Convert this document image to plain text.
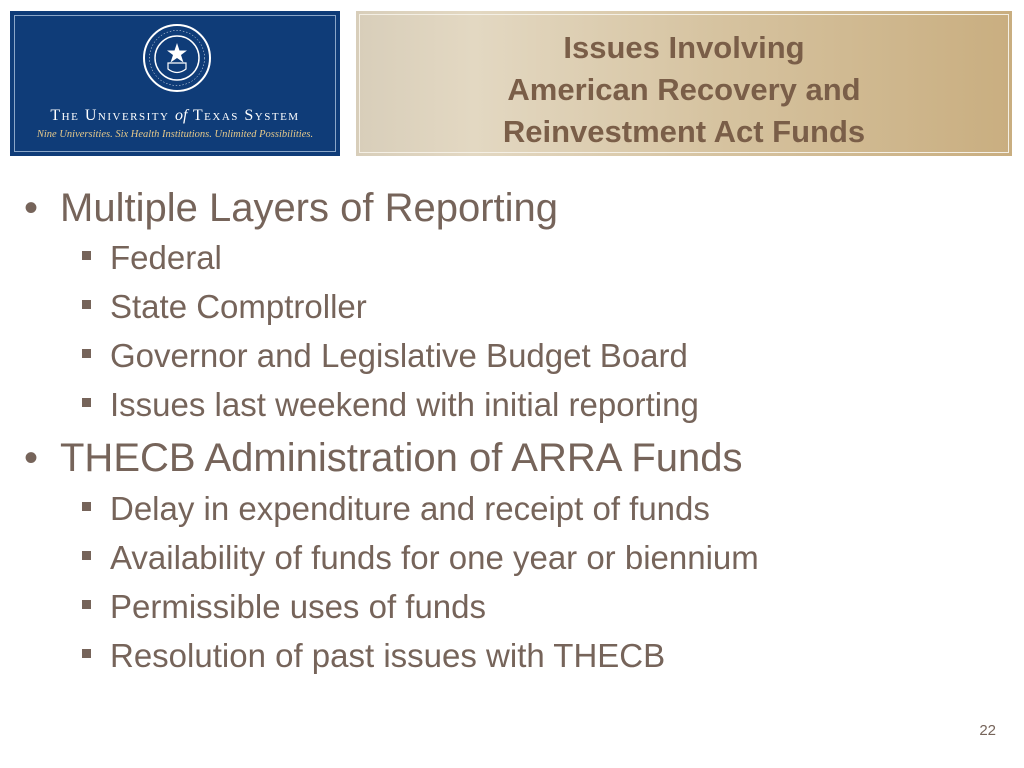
The University of Texas System
Nine Universities. Six Health Institutions. Unlimited Possibilities.
Issues Involving
American Recovery and
Reinvestment Act Funds
• Multiple Layers of Reporting
Federal
State Comptroller
Governor and Legislative Budget Board
Issues last weekend with initial reporting
• THECB Administration of ARRA Funds
Delay in expenditure and receipt of funds
Availability of funds for one year or biennium
Permissible uses of funds
Resolution of past issues with THECB
22
